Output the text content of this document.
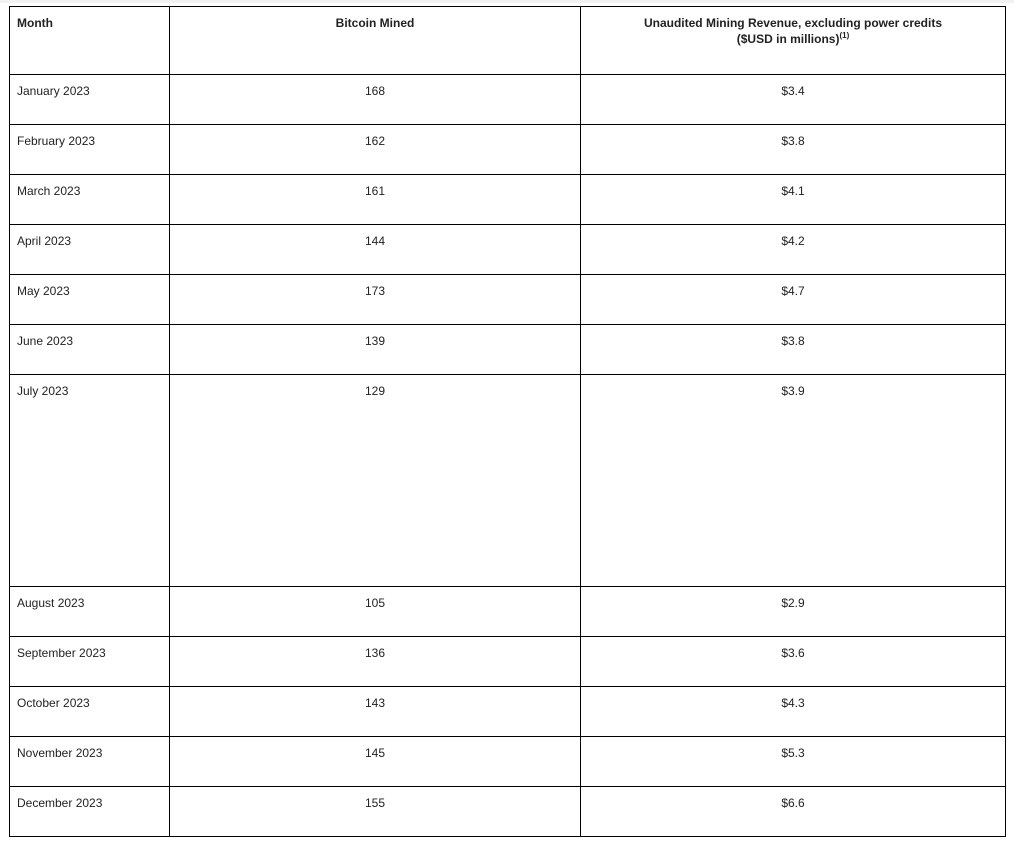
Month	Bitcoin Mined	Unaudited Mining Revenue, excluding power credits
($USD in millions)$^{(1)}$

January 2023	168	$3.4

February 2023	162	$3.8

March 2023	161	$4.1

April 2023	144	$4.2

May 2023	173	$4.7

June 2023	139	$3.8

July 2023	129	$3.9

August 2023	105	$2.9

September 2023	136	$3.6

October 2023	143	$4.3

November 2023	145	$5.3

December 2023	155	$6.6
